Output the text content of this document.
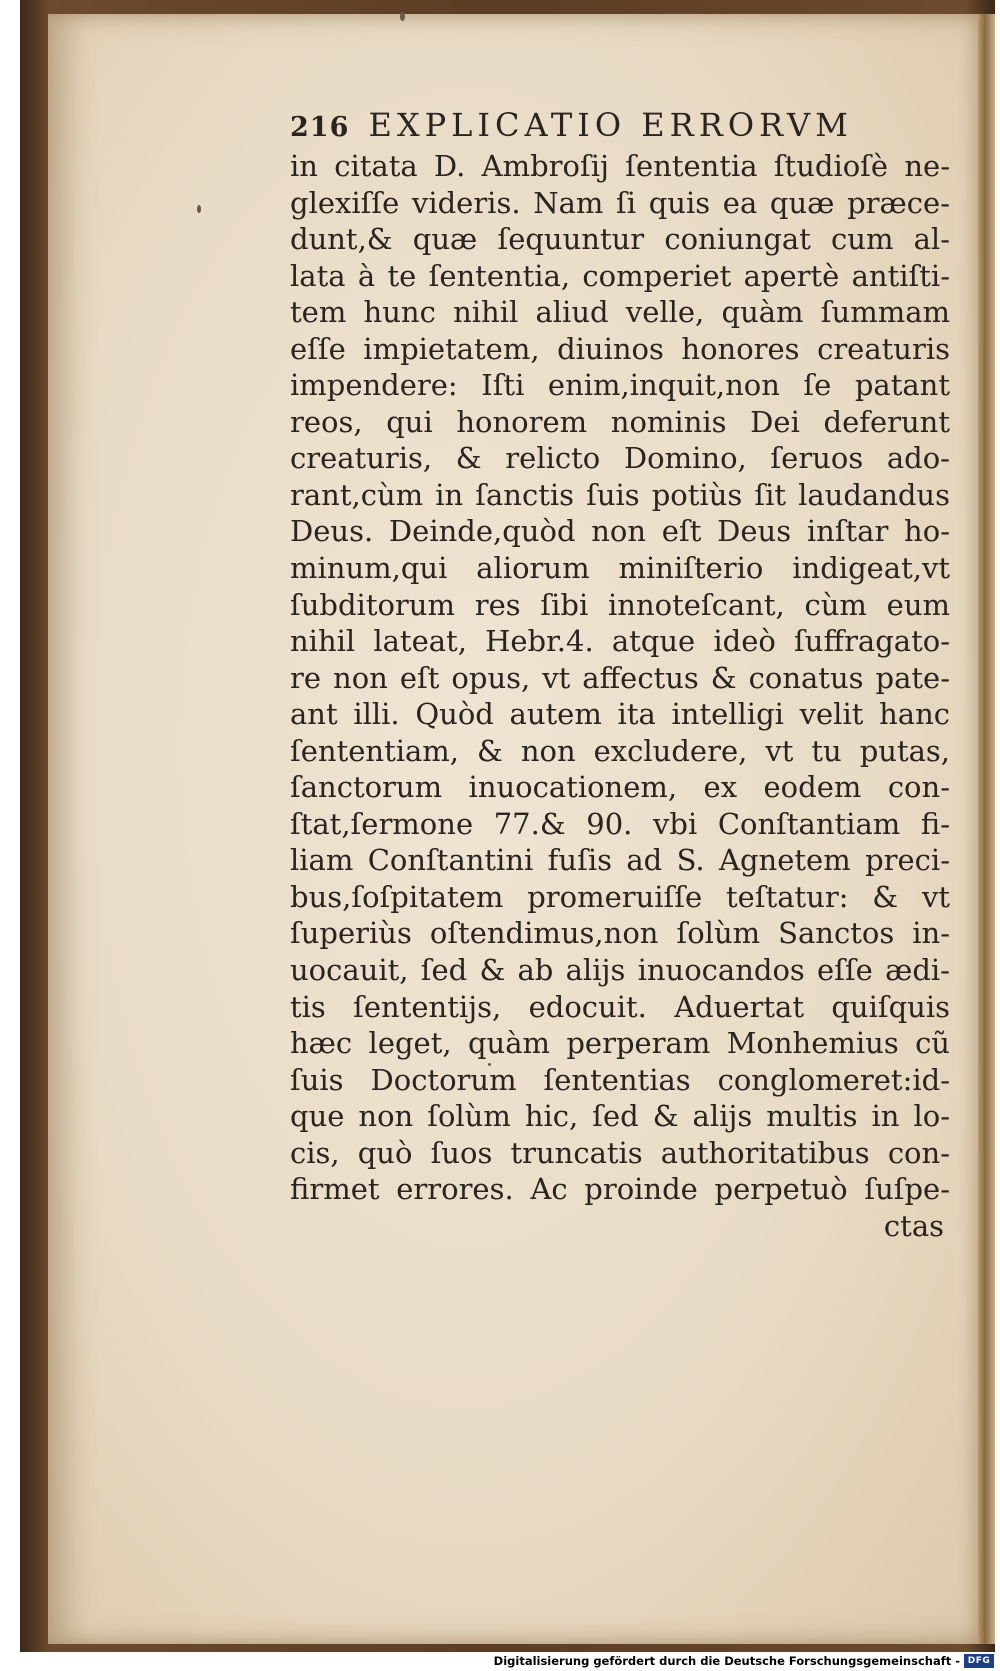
216 EXPLICATIO ERRORVM
in citata D. Ambroſij ſententia ſtudioſè ne-
glexiſſe videris. Nam ſi quis ea quæ præce-
dunt,& quæ ſequuntur coniungat cum al-
lata à te ſententia, comperiet apertè antiſti-
tem hunc nihil aliud velle, quàm ſummam
eſſe impietatem, diuinos honores creaturis
impendere: Iſti enim,inquit,non ſe patant
reos, qui honorem nominis Dei deferunt
creaturis, & relicto Domino, ſeruos ado-
rant,cùm in ſanctis ſuis potiùs ſit laudandus
Deus. Deinde,quòd non eſt Deus inſtar ho-
minum,qui aliorum miniſterio indigeat,vt
ſubditorum res ſibi innoteſcant, cùm eum
nihil lateat, Hebr.4. atque ideò ſuffragato-
re non eſt opus, vt affectus & conatus pate-
ant illi. Quòd autem ita intelligi velit hanc
ſententiam, & non excludere, vt tu putas,
ſanctorum inuocationem, ex eodem con-
ſtat,ſermone 77.& 90. vbi Conſtantiam fi-
liam Conſtantini fuſis ad S. Agnetem preci-
bus,ſoſpitatem promeruiſſe teſtatur: & vt
ſuperiùs oſtendimus,non ſolùm Sanctos in-
uocauit, ſed & ab alijs inuocandos eſſe ædi-
tis ſententijs, edocuit. Aduertat quiſquis
hæc leget, quàm perperam Monhemius cũ
ſuis Doctorum ſententias conglomeret:id-
que non ſolùm hic, ſed & alijs multis in lo-
cis, quò ſuos truncatis authoritatibus con-
firmet errores. Ac proinde perpetuò ſuſpe-
ctas
Digitalisierung gefördert durch die Deutsche Forschungsgemeinschaft - DFG
